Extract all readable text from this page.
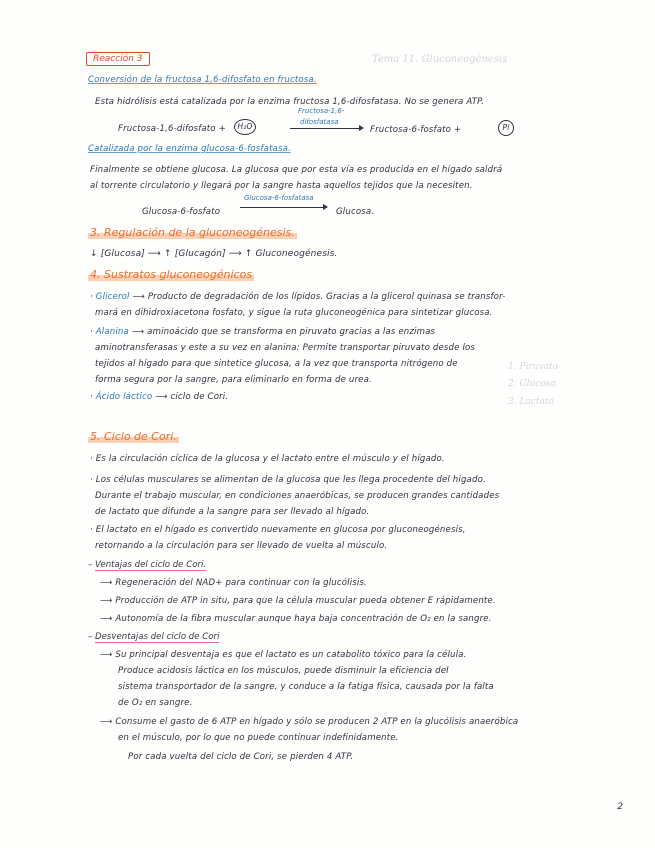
Tema 11. Gluconeogénesis
1. Piruvato
2. Glucosa
3. Lactato
Reacción 3
Conversión de la fructosa 1,6-difosfato en fructosa.
Esta hidrólisis está catalizada por la enzima fructosa 1,6-difosfatasa. No se genera ATP.
Fructosa-1,6-difosfato +	H₂O
Fructosa-1,6-
difosfatasa
Fructosa-6-fosfato +	Pi
Catalizada por la enzima glucosa-6-fosfatasa.
Finalmente se obtiene glucosa. La glucosa que por esta vía es producida en el hígado saldrá
al torrente circulatorio y llegará por la sangre hasta aquellos tejidos que la necesiten.
Glucosa-6-fosfato
Glucosa-6-fosfatasa
Glucosa.
3. Regulación de la gluconeogénesis.
↓ [Glucosa] ⟶ ↑ [Glucagón] ⟶ ↑ Gluconeogénesis.
4. Sustratos gluconeogénicos
· Glicerol ⟶ Producto de degradación de los lípidos. Gracias a la glicerol quinasa se transfor-
mará en dihidroxiacetona fosfato, y sigue la ruta gluconeogénica para sintetizar glucosa.
· Alanina ⟶ aminoácido que se transforma en piruvato gracias a las enzimas
aminotransferasas y este a su vez en alanina: Permite transportar piruvato desde los
tejidos al hígado para que sintetice glucosa, a la vez que transporta nitrógeno de
forma segura por la sangre, para eliminarlo en forma de urea.
· Ácido láctico ⟶ ciclo de Cori.
5. Ciclo de Cori.
· Es la circulación cíclica de la glucosa y el lactato entre el músculo y el hígado.
· Los células musculares se alimentan de la glucosa que les llega procedente del hígado.
Durante el trabajo muscular, en condiciones anaeróbicas, se producen grandes cantidades
de lactato que difunde a la sangre para ser llevado al hígado.
· El lactato en el hígado es convertido nuevamente en glucosa por gluconeogénesis,
retornando a la circulación para ser llevado de vuelta al músculo.
– Ventajas del ciclo de Cori.
⟶ Regeneración del NAD+ para continuar con la glucólisis.
⟶ Producción de ATP in situ, para que la célula muscular pueda obtener E rápidamente.
⟶ Autonomía de la fibra muscular aunque haya baja concentración de O₂ en la sangre.
– Desventajas del ciclo de Cori
⟶ Su principal desventaja es que el lactato es un catabolito tóxico para la célula.
Produce acidosis láctica en los músculos, puede disminuir la eficiencia del
sistema transportador de la sangre, y conduce a la fatiga física, causada por la falta
de O₂ en sangre.
⟶ Consume el gasto de 6 ATP en hígado y sólo se producen 2 ATP en la glucólisis anaeróbica
en el músculo, por lo que no puede continuar indefinidamente.
Por cada vuelta del ciclo de Cori, se pierden 4 ATP.
2
